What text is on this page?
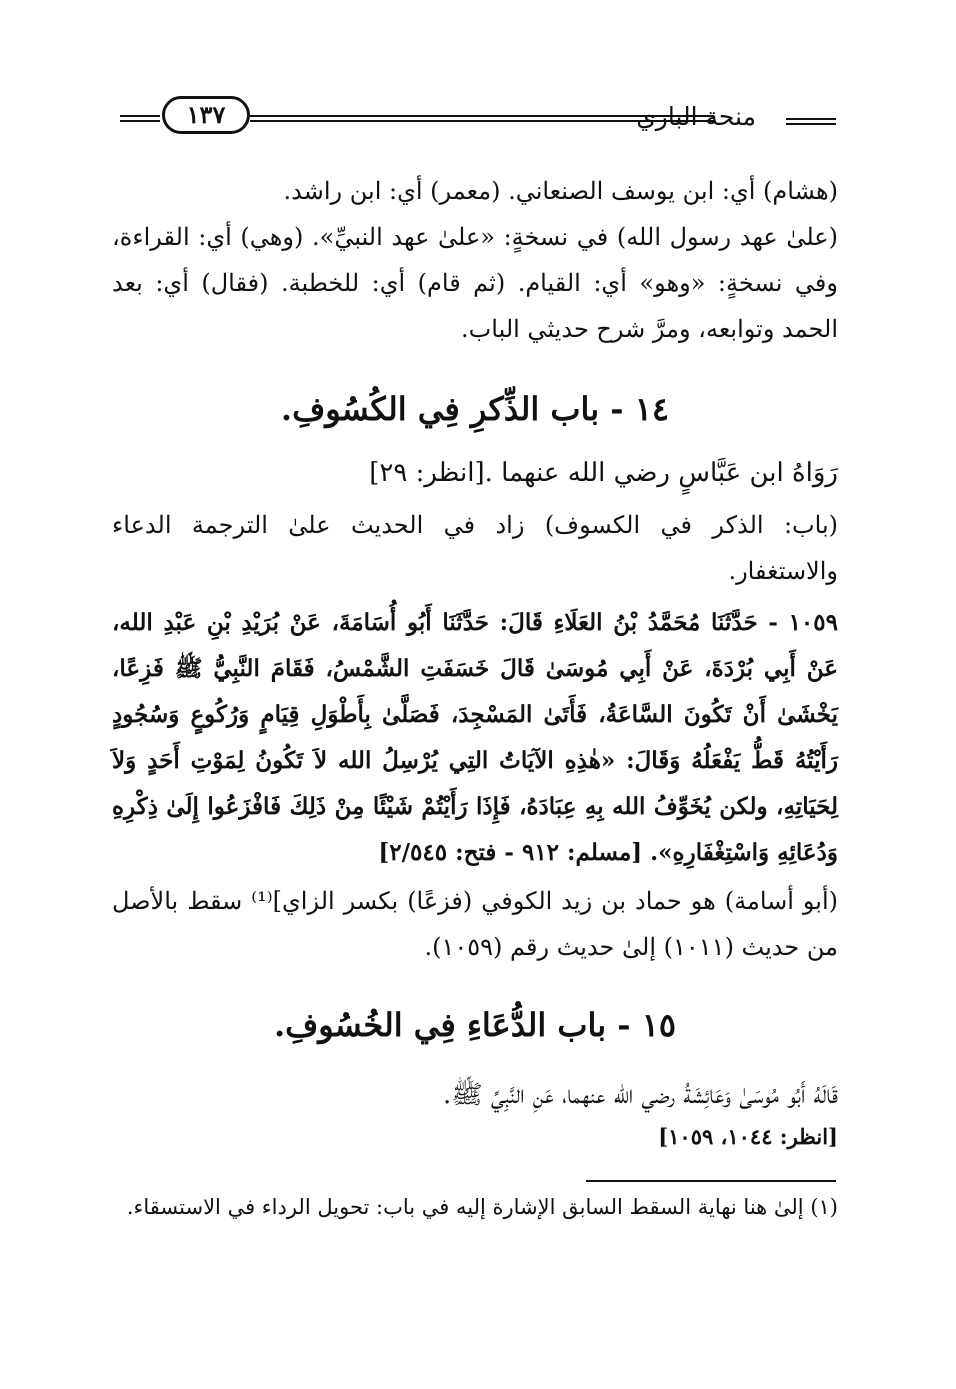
١٣٧	منحة الباري

(هشام) أي: ابن يوسف الصنعاني. (معمر) أي: ابن راشد.

(علىٰ عهد رسول الله) في نسخةٍ: «علىٰ عهد النبيِّ». (وهي) أي: القراءة، وفي نسخةٍ: «وهو» أي: القيام. (ثم قام) أي: للخطبة. (فقال) أي: بعد الحمد وتوابعه، ومرَّ شرح حديثي الباب.

١٤ - باب الذِّكرِ فِي الكُسُوفِ.

رَوَاهُ ابن عَبَّاسٍ رضي الله عنهما .[انظر: ٢٩]

(باب: الذكر في الكسوف) زاد في الحديث علىٰ الترجمة الدعاء والاستغفار.

١٠٥٩ - حَدَّثَنَا مُحَمَّدُ بْنُ العَلَاءِ قَالَ: حَدَّثَنَا أَبُو أُسَامَةَ، عَنْ بُرَيْدِ بْنِ عَبْدِ الله، عَنْ أَبِي بُرْدَةَ، عَنْ أَبِي مُوسَىٰ قَالَ خَسَفَتِ الشَّمْسُ، فَقَامَ النَّبِيُّ ﷺ فَزِعًا، يَخْشَىٰ أَنْ تَكُونَ السَّاعَةُ، فَأَتَىٰ المَسْجِدَ، فَصَلَّىٰ بِأَطْوَلِ قِيَامٍ وَرُكُوعٍ وَسُجُودٍ رَأَيْتُهُ قَطُّ يَفْعَلُهُ وَقَالَ: «هٰذِهِ الآيَاتُ التِي يُرْسِلُ الله لاَ تَكُونُ لِمَوْتِ أَحَدٍ وَلاَ لِحَيَاتِهِ، ولكن يُخَوِّفُ الله بِهِ عِبَادَهُ، فَإِذَا رَأَيْتُمْ شَيْئًا مِنْ ذَلِكَ فَافْزَعُوا إِلَىٰ ذِكْرِهِ وَدُعَائِهِ وَاسْتِغْفَارِهِ». [مسلم: ٩١٢ - فتح: ٢/٥٤٥]

(أبو أسامة) هو حماد بن زيد الكوفي (فزعًا) بكسر الزاي]⁽¹⁾ سقط بالأصل من حديث (١٠١١) إلىٰ حديث رقم (١٠٥٩).

١٥ - باب الدُّعَاءِ فِي الخُسُوفِ.

قَالَهُ أَبُو مُوسَىٰ وَعَائِشَةُ رضي الله عنهما، عَنِ النَّبِيِّ ﷺ.

[انظر: ١٠٤٤، ١٠٥٩]

(١) إلىٰ هنا نهاية السقط السابق الإشارة إليه في باب: تحويل الرداء في الاستسقاء.
